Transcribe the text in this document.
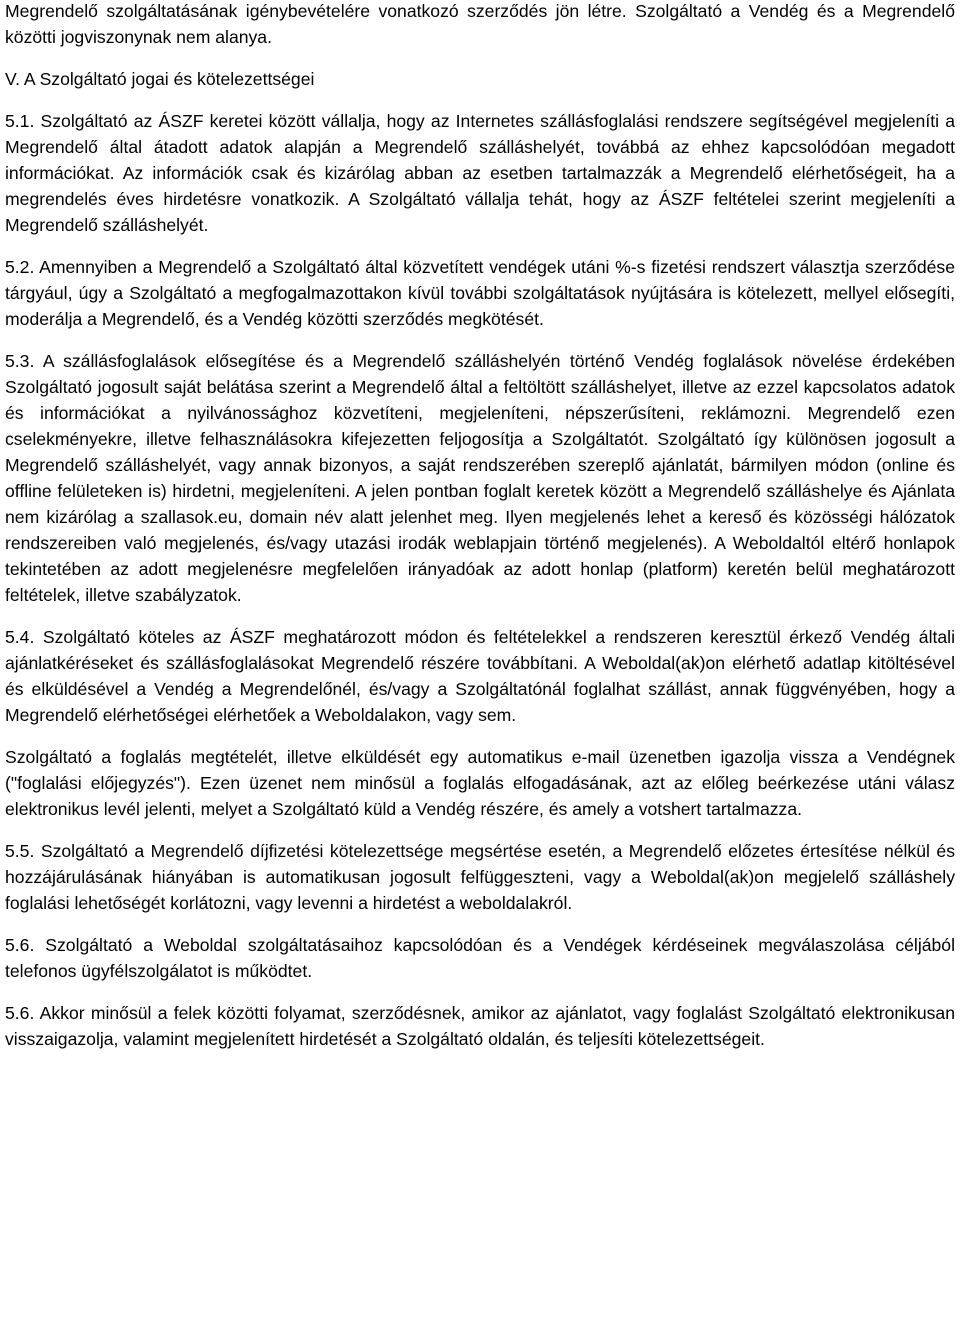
Megrendelő szolgáltatásának igénybevételére vonatkozó szerződés jön létre. Szolgáltató a Vendég és a Megrendelő közötti jogviszonynak nem alanya.

V. A Szolgáltató jogai és kötelezettségei

5.1. Szolgáltató az ÁSZF keretei között vállalja, hogy az Internetes szállásfoglalási rendszere segítségével megjeleníti a Megrendelő által átadott adatok alapján a Megrendelő szálláshelyét, továbbá az ehhez kapcsolódóan megadott információkat. Az információk csak és kizárólag abban az esetben tartalmazzák a Megrendelő elérhetőségeit, ha a megrendelés éves hirdetésre vonatkozik. A Szolgáltató vállalja tehát, hogy az ÁSZF feltételei szerint megjeleníti a Megrendelő szálláshelyét.

5.2. Amennyiben a Megrendelő a Szolgáltató által közvetített vendégek utáni %-s fizetési rendszert választja szerződése tárgyául, úgy a Szolgáltató a megfogalmazottakon kívül további szolgáltatások nyújtására is kötelezett, mellyel elősegíti, moderálja a Megrendelő, és a Vendég közötti szerződés megkötését.

5.3. A szállásfoglalások elősegítése és a Megrendelő szálláshelyén történő Vendég foglalások növelése érdekében Szolgáltató jogosult saját belátása szerint a Megrendelő által a feltöltött szálláshelyet, illetve az ezzel kapcsolatos adatok és információkat a nyilvánossághoz közvetíteni, megjeleníteni, népszerűsíteni, reklámozni. Megrendelő ezen cselekményekre, illetve felhasználásokra kifejezetten feljogosítja a Szolgáltatót. Szolgáltató így különösen jogosult a Megrendelő szálláshelyét, vagy annak bizonyos, a saját rendszerében szereplő ajánlatát, bármilyen módon (online és offline felületeken is) hirdetni, megjeleníteni. A jelen pontban foglalt keretek között a Megrendelő szálláshelye és Ajánlata nem kizárólag a szallasok.eu, domain név alatt jelenhet meg. Ilyen megjelenés lehet a kereső és közösségi hálózatok rendszereiben való megjelenés, és/vagy utazási irodák weblapjain történő megjelenés). A Weboldaltól eltérő honlapok tekintetében az adott megjelenésre megfelelően irányadóak az adott honlap (platform) keretén belül meghatározott feltételek, illetve szabályzatok.

5.4. Szolgáltató köteles az ÁSZF meghatározott módon és feltételekkel a rendszeren keresztül érkező Vendég általi ajánlatkéréseket és szállásfoglalásokat Megrendelő részére továbbítani. A Weboldal(ak)on elérhető adatlap kitöltésével és elküldésével a Vendég a Megrendelőnél, és/vagy a Szolgáltatónál foglalhat szállást, annak függvényében, hogy a Megrendelő elérhetőségei elérhetőek a Weboldalakon, vagy sem.

Szolgáltató a foglalás megtételét, illetve elküldését egy automatikus e-mail üzenetben igazolja vissza a Vendégnek ("foglalási előjegyzés"). Ezen üzenet nem minősül a foglalás elfogadásának, azt az előleg beérkezése utáni válasz elektronikus levél jelenti, melyet a Szolgáltató küld a Vendég részére, és amely a votshert tartalmazza.

5.5. Szolgáltató a Megrendelő díjfizetési kötelezettsége megsértése esetén, a Megrendelő előzetes értesítése nélkül és hozzájárulásának hiányában is automatikusan jogosult felfüggeszteni, vagy a Weboldal(ak)on megjelelő szálláshely foglalási lehetőségét korlátozni, vagy levenni a hirdetést a weboldalakról.

5.6. Szolgáltató a Weboldal szolgáltatásaihoz kapcsolódóan és a Vendégek kérdéseinek megválaszolása céljából telefonos ügyfélszolgálatot is működtet.

5.6. Akkor minősül a felek közötti folyamat, szerződésnek, amikor az ajánlatot, vagy foglalást Szolgáltató elektronikusan visszaigazolja, valamint megjelenített hirdetését a Szolgáltató oldalán, és teljesíti kötelezettségeit.
